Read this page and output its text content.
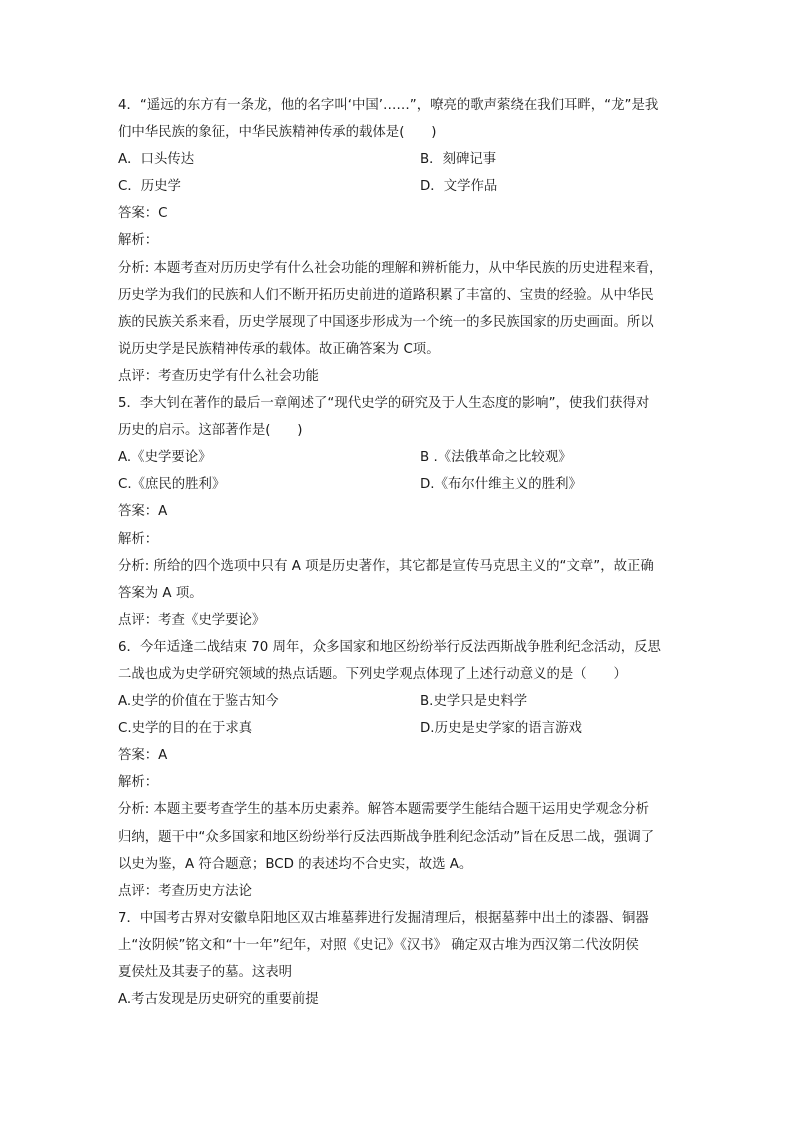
4．“遥远的东方有一条龙，他的名字叫‘中国’……”，嘹亮的歌声萦绕在我们耳畔，“龙”是我
们中华民族的象征，中华民族精神传承的载体是(　　)
A．口头传达	B．刻碑记事
C．历史学	D．文学作品
答案：C
解析：
分析: 本题考查对历历史学有什么社会功能的理解和辨析能力，从中华民族的历史进程来看，
历史学为我们的民族和人们不断开拓历史前进的道路积累了丰富的、宝贵的经验。从中华民
族的民族关系来看，历史学展现了中国逐步形成为一个统一的多民族国家的历史画面。所以
说历史学是民族精神传承的载体。故正确答案为 C项。
点评：考查历史学有什么社会功能
5．李大钊在著作的最后一章阐述了“现代史学的研究及于人生态度的影响”，使我们获得对
历史的启示。这部著作是(　　)
A.《史学要论》	B .《法俄革命之比较观》
C.《庶民的胜利》	D.《布尔什维主义的胜利》
答案：A
解析：
分析: 所给的四个选项中只有 A 项是历史著作，其它都是宣传马克思主义的“文章”，故正确
答案为 A 项。
点评：考查《史学要论》
6．今年适逢二战结束 70 周年，众多国家和地区纷纷举行反法西斯战争胜利纪念活动，反思
二战也成为史学研究领域的热点话题。下列史学观点体现了上述行动意义的是（　　）
A.史学的价值在于鉴古知今	B.史学只是史料学
C.史学的目的在于求真	D.历史是史学家的语言游戏
答案：A
解析：
分析: 本题主要考查学生的基本历史素养。解答本题需要学生能结合题干运用史学观念分析
归纳，题干中“众多国家和地区纷纷举行反法西斯战争胜利纪念活动”旨在反思二战，强调了
以史为鉴，A 符合题意；BCD 的表述均不合史实，故选 A。
点评：考查历史方法论
7．中国考古界对安徽阜阳地区双古堆墓葬进行发掘清理后，根据墓葬中出土的漆器、铜器
上“汝阴候”铭文和“十一年”纪年，对照《史记》《汉书》 确定双古堆为西汉第二代汝阴侯
夏侯灶及其妻子的墓。这表明
A.考古发现是历史研究的重要前提
